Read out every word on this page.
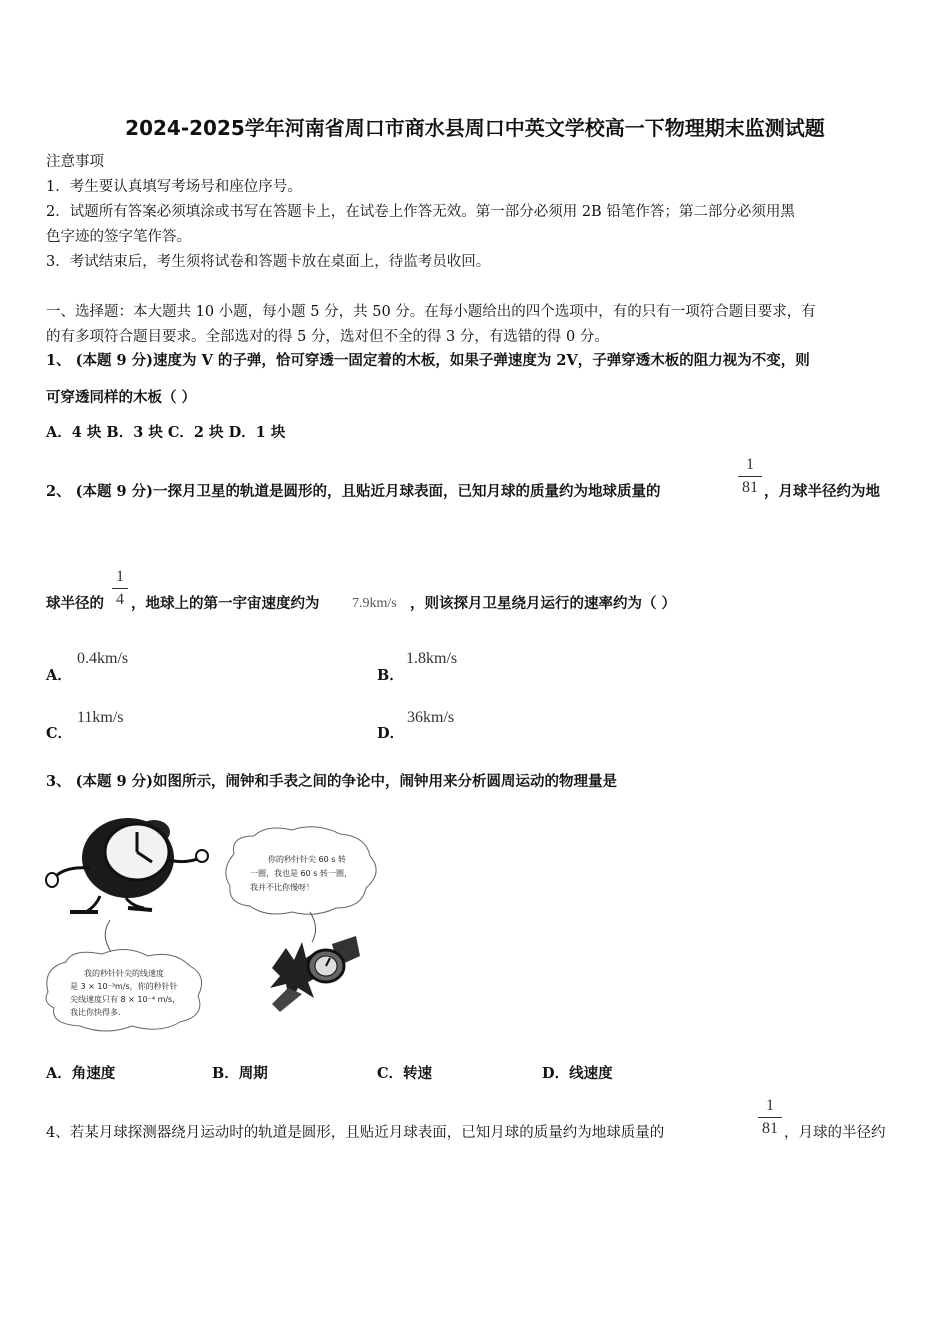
2024-2025学年河南省周口市商水县周口中英文学校高一下物理期末监测试题
注意事项
1．考生要认真填写考场号和座位序号。
2．试题所有答案必须填涂或书写在答题卡上，在试卷上作答无效。第一部分必须用 2B 铅笔作答；第二部分必须用黑
色字迹的签字笔作答。
3．考试结束后，考生须将试卷和答题卡放在桌面上，待监考员收回。
一、选择题：本大题共 10 小题，每小题 5 分，共 50 分。在每小题给出的四个选项中，有的只有一项符合题目要求，有
的有多项符合题目要求。全部选对的得 5 分，选对但不全的得 3 分，有选错的得 0 分。
1、 (本题 9 分)速度为 V 的子弹，恰可穿透一固定着的木板，如果子弹速度为 2V，子弹穿透木板的阻力视为不变，则
可穿透同样的木板（ ）
A．4 块 B．3 块 C．2 块 D．1 块
2、 (本题 9 分)一探月卫星的轨道是圆形的，且贴近月球表面，已知月球的质量约为地球质量的
1
81 ，月球半径约为地
球半径的
1
4 ，地球上的第一宇宙速度约为 7.9km/s ，则该探月卫星绕月运行的速率约为（ ）
A．
0.4km/s
B．
1.8km/s
C．
11km/s
D．
36km/s
3、 (本题 9 分)如图所示，闹钟和手表之间的争论中，闹钟用来分析圆周运动的物理量是
我的秒针针尖的线速度
是 3 × 10⁻³m/s，你的秒针针
尖线速度只有 8 × 10⁻⁴ m/s，
我比你快得多.
你的秒针针尖 60 s 转
一圈，我也是 60 s 转一圈，
我并不比你慢呀！
A．角速度	B．周期	C．转速	D．线速度
4、若某月球探测器绕月运动时的轨道是圆形，且贴近月球表面，已知月球的质量约为地球质量的
1
81 ，月球的半径约
